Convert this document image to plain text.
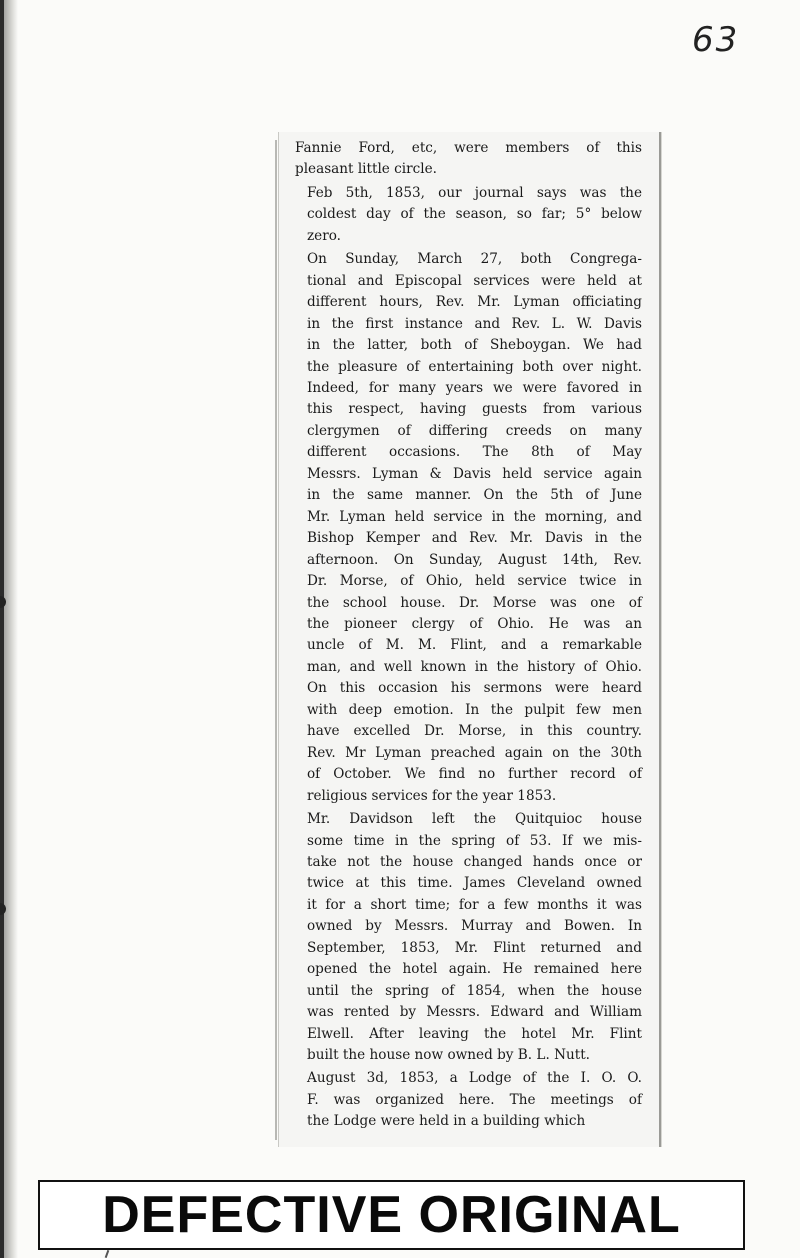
63

Fannie Ford, etc, were members of this
pleasant little circle.

Feb 5th, 1853, our journal says was the
coldest day of the season, so far; 5° below
zero.

On Sunday, March 27, both Congrega-
tional and Episcopal services were held at
different hours, Rev. Mr. Lyman officiating
in the first instance and Rev. L. W. Davis
in the latter, both of Sheboygan. We had
the pleasure of entertaining both over night.
Indeed, for many years we were favored in
this respect, having guests from various
clergymen of differing creeds on many
different occasions. The 8th of May
Messrs. Lyman & Davis held service again
in the same manner. On the 5th of June
Mr. Lyman held service in the morning, and
Bishop Kemper and Rev. Mr. Davis in the
afternoon. On Sunday, August 14th, Rev.
Dr. Morse, of Ohio, held service twice in
the school house. Dr. Morse was one of
the pioneer clergy of Ohio. He was an
uncle of M. M. Flint, and a remarkable
man, and well known in the history of Ohio.
On this occasion his sermons were heard
with deep emotion. In the pulpit few men
have excelled Dr. Morse, in this country.
Rev. Mr Lyman preached again on the 30th
of October. We find no further record of
religious services for the year 1853.

Mr. Davidson left the Quitquioc house
some time in the spring of 53. If we mis-
take not the house changed hands once or
twice at this time. James Cleveland owned
it for a short time; for a few months it was
owned by Messrs. Murray and Bowen. In
September, 1853, Mr. Flint returned and
opened the hotel again. He remained here
until the spring of 1854, when the house
was rented by Messrs. Edward and William
Elwell. After leaving the hotel Mr. Flint
built the house now owned by B. L. Nutt.

August 3d, 1853, a Lodge of the I. O. O.
F. was organized here. The meetings of
the Lodge were held in a building which

DEFECTIVE ORIGINAL
